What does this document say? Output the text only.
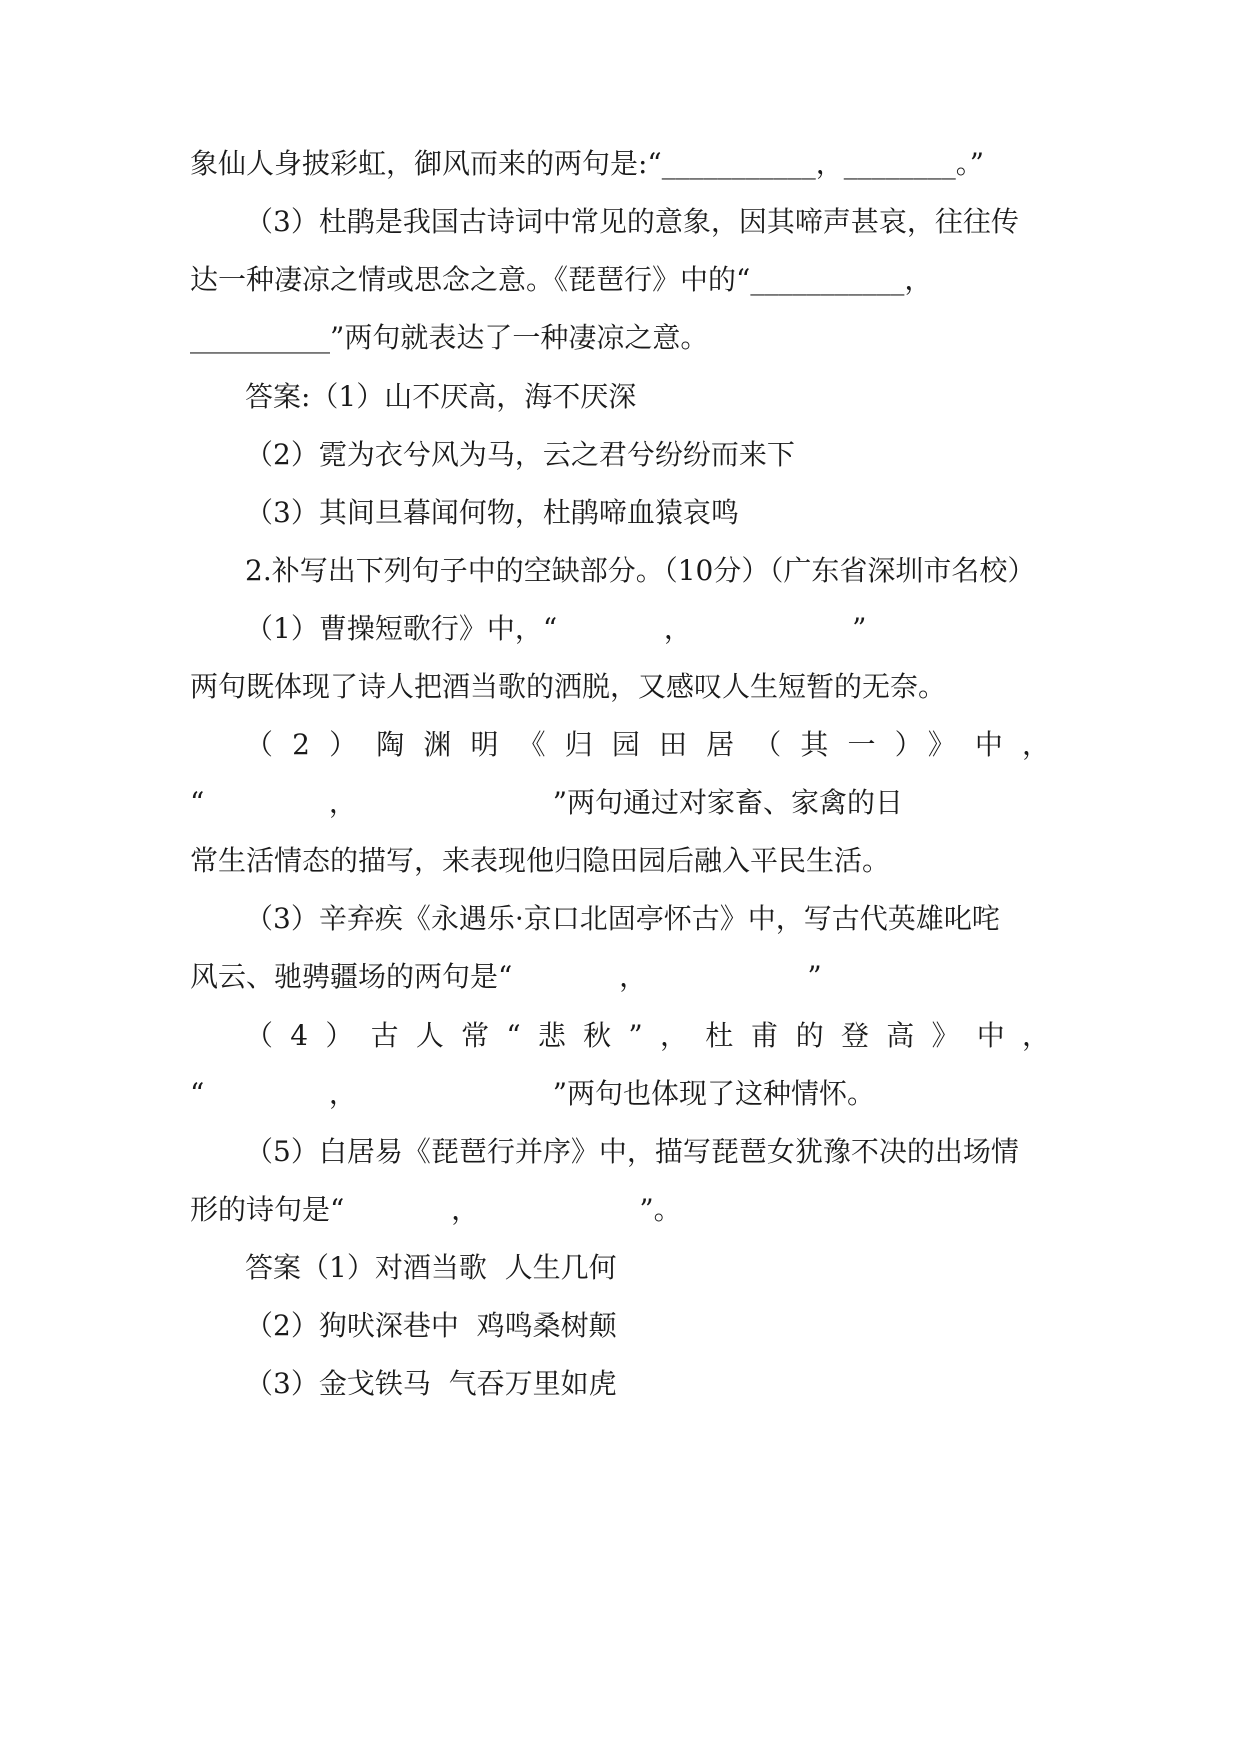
象仙人身披彩虹，御风而来的两句是:“___________，________。”
（3）杜鹃是我国古诗词中常见的意象，因其啼声甚哀，往往传
达一种凄凉之情或思念之意。《琵琶行》中的“___________，
__________”两句就表达了一种凄凉之意。
答案:（1）山不厌高，海不厌深
（2）霓为衣兮风为马，云之君兮纷纷而来下
（3）其间旦暮闻何物，杜鹃啼血猿哀鸣
2.补写出下列句子中的空缺部分。（10分）（广东省深圳市名校）
（1）曹操短歌行》中，“            ，                  ”
两句既体现了诗人把酒当歌的洒脱，又感叹人生短暂的无奈。
（2）陶渊明《归园田居（其一）》中，
“              ，                      ”两句通过对家畜、家禽的日
常生活情态的描写，来表现他归隐田园后融入平民生活。
（3）辛弃疾《永遇乐·京口北固亭怀古》中，写古代英雄叱咤
风云、驰骋疆场的两句是“            ，                  ”
（4）古人常“悲秋”，杜甫的登高》中，
“              ，                      ”两句也体现了这种情怀。
（5）白居易《琵琶行并序》中，描写琵琶女犹豫不决的出场情
形的诗句是“            ，                  ”。
答案（1）对酒当歌  人生几何
（2）狗吠深巷中  鸡鸣桑树颠
（3）金戈铁马  气吞万里如虎
